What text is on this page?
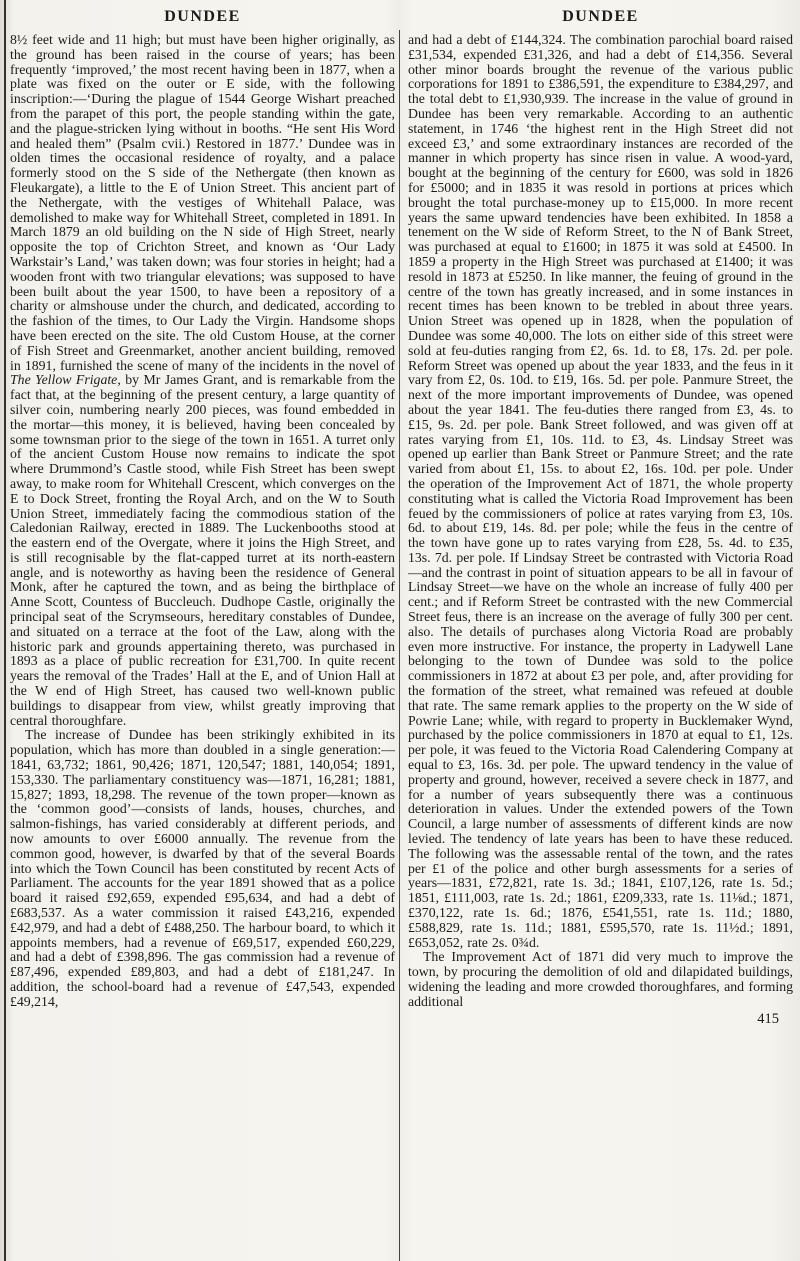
DUNDEE

8½ feet wide and 11 high; but must have been higher originally, as the ground has been raised in the course of years; has been frequently ‘improved,’ the most recent having been in 1877, when a plate was fixed on the outer or E side, with the following inscription:—‘During the plague of 1544 George Wishart preached from the parapet of this port, the people standing within the gate, and the plague-stricken lying without in booths. “He sent His Word and healed them” (Psalm cvii.) Restored in 1877.’ Dundee was in olden times the occasional residence of royalty, and a palace formerly stood on the S side of the Nethergate (then known as Fleukargate), a little to the E of Union Street. This ancient part of the Nethergate, with the vestiges of Whitehall Palace, was demolished to make way for Whitehall Street, completed in 1891. In March 1879 an old building on the N side of High Street, nearly opposite the top of Crichton Street, and known as ‘Our Lady Warkstair’s Land,’ was taken down; was four stories in height; had a wooden front with two triangular elevations; was supposed to have been built about the year 1500, to have been a repository of a charity or almshouse under the church, and dedicated, according to the fashion of the times, to Our Lady the Virgin. Handsome shops have been erected on the site. The old Custom House, at the corner of Fish Street and Greenmarket, another ancient building, removed in 1891, furnished the scene of many of the incidents in the novel of The Yellow Frigate, by Mr James Grant, and is remarkable from the fact that, at the beginning of the present century, a large quantity of silver coin, numbering nearly 200 pieces, was found embedded in the mortar—this money, it is believed, having been concealed by some townsman prior to the siege of the town in 1651. A turret only of the ancient Custom House now remains to indicate the spot where Drummond’s Castle stood, while Fish Street has been swept away, to make room for Whitehall Crescent, which converges on the E to Dock Street, fronting the Royal Arch, and on the W to South Union Street, immediately facing the commodious station of the Caledonian Railway, erected in 1889. The Luckenbooths stood at the eastern end of the Overgate, where it joins the High Street, and is still recognisable by the flat-capped turret at its north-eastern angle, and is noteworthy as having been the residence of General Monk, after he captured the town, and as being the birthplace of Anne Scott, Countess of Buccleuch. Dudhope Castle, originally the principal seat of the Scrymseours, hereditary constables of Dundee, and situated on a terrace at the foot of the Law, along with the historic park and grounds appertaining thereto, was purchased in 1893 as a place of public recreation for £31,700. In quite recent years the removal of the Trades’ Hall at the E, and of Union Hall at the W end of High Street, has caused two well-known public buildings to disappear from view, whilst greatly improving that central thoroughfare.

The increase of Dundee has been strikingly exhibited in its population, which has more than doubled in a single generation:—1841, 63,732; 1861, 90,426; 1871, 120,547; 1881, 140,054; 1891, 153,330. The parliamentary constituency was—1871, 16,281; 1881, 15,827; 1893, 18,298. The revenue of the town proper—known as the ‘common good’—consists of lands, houses, churches, and salmon-fishings, has varied considerably at different periods, and now amounts to over £6000 annually. The revenue from the common good, however, is dwarfed by that of the several Boards into which the Town Council has been constituted by recent Acts of Parliament. The accounts for the year 1891 showed that as a police board it raised £92,659, expended £95,634, and had a debt of £683,537. As a water commission it raised £43,216, expended £42,979, and had a debt of £488,250. The harbour board, to which it appoints members, had a revenue of £69,517, expended £60,229, and had a debt of £398,896. The gas commission had a revenue of £87,496, expended £89,803, and had a debt of £181,247. In addition, the school-board had a revenue of £47,543, expended £49,214,

DUNDEE

and had a debt of £144,324. The combination parochial board raised £31,534, expended £31,326, and had a debt of £14,356. Several other minor boards brought the revenue of the various public corporations for 1891 to £386,591, the expenditure to £384,297, and the total debt to £1,930,939. The increase in the value of ground in Dundee has been very remarkable. According to an authentic statement, in 1746 ‘the highest rent in the High Street did not exceed £3,’ and some extraordinary instances are recorded of the manner in which property has since risen in value. A wood-yard, bought at the beginning of the century for £600, was sold in 1826 for £5000; and in 1835 it was resold in portions at prices which brought the total purchase-money up to £15,000. In more recent years the same upward tendencies have been exhibited. In 1858 a tenement on the W side of Reform Street, to the N of Bank Street, was purchased at equal to £1600; in 1875 it was sold at £4500. In 1859 a property in the High Street was purchased at £1400; it was resold in 1873 at £5250. In like manner, the feuing of ground in the centre of the town has greatly increased, and in some instances in recent times has been known to be trebled in about three years. Union Street was opened up in 1828, when the population of Dundee was some 40,000. The lots on either side of this street were sold at feu-duties ranging from £2, 6s. 1d. to £8, 17s. 2d. per pole. Reform Street was opened up about the year 1833, and the feus in it vary from £2, 0s. 10d. to £19, 16s. 5d. per pole. Panmure Street, the next of the more important improvements of Dundee, was opened about the year 1841. The feu-duties there ranged from £3, 4s. to £15, 9s. 2d. per pole. Bank Street followed, and was given off at rates varying from £1, 10s. 11d. to £3, 4s. Lindsay Street was opened up earlier than Bank Street or Panmure Street; and the rate varied from about £1, 15s. to about £2, 16s. 10d. per pole. Under the operation of the Improvement Act of 1871, the whole property constituting what is called the Victoria Road Improvement has been feued by the commissioners of police at rates varying from £3, 10s. 6d. to about £19, 14s. 8d. per pole; while the feus in the centre of the town have gone up to rates varying from £28, 5s. 4d. to £35, 13s. 7d. per pole. If Lindsay Street be contrasted with Victoria Road—and the contrast in point of situation appears to be all in favour of Lindsay Street—we have on the whole an increase of fully 400 per cent.; and if Reform Street be contrasted with the new Commercial Street feus, there is an increase on the average of fully 300 per cent. also. The details of purchases along Victoria Road are probably even more instructive. For instance, the property in Ladywell Lane belonging to the town of Dundee was sold to the police commissioners in 1872 at about £3 per pole, and, after providing for the formation of the street, what remained was refeued at double that rate. The same remark applies to the property on the W side of Powrie Lane; while, with regard to property in Bucklemaker Wynd, purchased by the police commissioners in 1870 at equal to £1, 12s. per pole, it was feued to the Victoria Road Calendering Company at equal to £3, 16s. 3d. per pole. The upward tendency in the value of property and ground, however, received a severe check in 1877, and for a number of years subsequently there was a continuous deterioration in values. Under the extended powers of the Town Council, a large number of assessments of different kinds are now levied. The tendency of late years has been to have these reduced. The following was the assessable rental of the town, and the rates per £1 of the police and other burgh assessments for a series of years—1831, £72,821, rate 1s. 3d.; 1841, £107,126, rate 1s. 5d.; 1851, £111,003, rate 1s. 2d.; 1861, £209,333, rate 1s. 11⅛d.; 1871, £370,122, rate 1s. 6d.; 1876, £541,551, rate 1s. 11d.; 1880, £588,829, rate 1s. 11d.; 1881, £595,570, rate 1s. 11½d.; 1891, £653,052, rate 2s. 0¾d.

The Improvement Act of 1871 did very much to improve the town, by procuring the demolition of old and dilapidated buildings, widening the leading and more crowded thoroughfares, and forming additional

415
